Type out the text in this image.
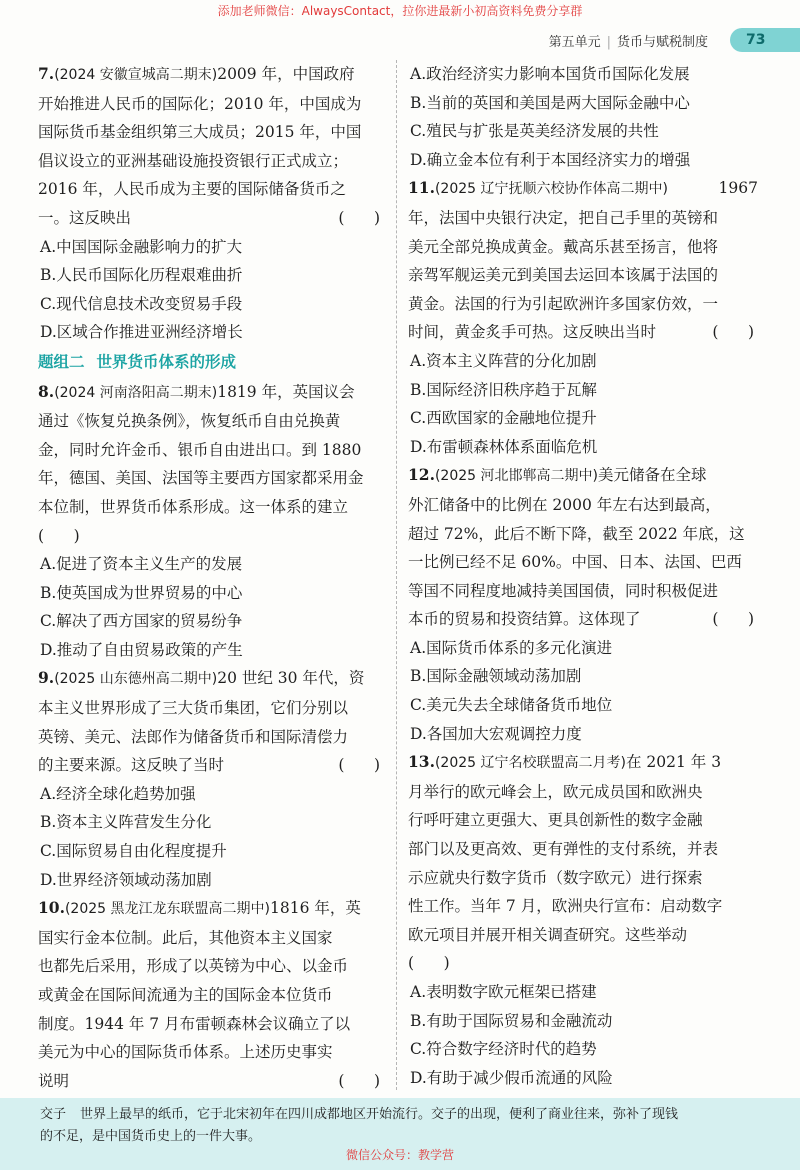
添加老师微信：AlwaysContact，拉你进最新小初高资料免费分享群
第五单元 | 货币与赋税制度	73

7.(2024 安徽宣城高二期末)2009 年，中国政府

开始推进人民币的国际化；2010 年，中国成为

国际货币基金组织第三大成员；2015 年，中国

倡议设立的亚洲基础设施投资银行正式成立；

2016 年，人民币成为主要的国际储备货币之

一。这反映出	(      )

A.中国国际金融影响力的扩大

B.人民币国际化历程艰难曲折

C.现代信息技术改变贸易手段

D.区域合作推进亚洲经济增长

题组二 世界货币体系的形成

8.(2024 河南洛阳高二期末)1819 年，英国议会

通过《恢复兑换条例》，恢复纸币自由兑换黄

金，同时允许金币、银币自由进出口。到 1880

年，德国、美国、法国等主要西方国家都采用金

本位制，世界货币体系形成。这一体系的建立

(      )

A.促进了资本主义生产的发展

B.使英国成为世界贸易的中心

C.解决了西方国家的贸易纷争

D.推动了自由贸易政策的产生

9.(2025 山东德州高二期中)20 世纪 30 年代，资

本主义世界形成了三大货币集团，它们分别以

英镑、美元、法郎作为储备货币和国际清偿力

的主要来源。这反映了当时	(      )

A.经济全球化趋势加强

B.资本主义阵营发生分化

C.国际贸易自由化程度提升

D.世界经济领域动荡加剧

10.(2025 黑龙江龙东联盟高二期中)1816 年，英

国实行金本位制。此后，其他资本主义国家

也都先后采用，形成了以英镑为中心、以金币

或黄金在国际间流通为主的国际金本位货币

制度。1944 年 7 月布雷顿森林会议确立了以

美元为中心的国际货币体系。上述历史事实

说明	(      )

A.政治经济实力影响本国货币国际化发展

B.当前的英国和美国是两大国际金融中心

C.殖民与扩张是英美经济发展的共性

D.确立金本位有利于本国经济实力的增强

11.(2025 辽宁抚顺六校协作体高二期中)	1967

年，法国中央银行决定，把自己手里的英镑和

美元全部兑换成黄金。戴高乐甚至扬言，他将

亲驾军舰运美元到美国去运回本该属于法国的

黄金。法国的行为引起欧洲许多国家仿效，一

时间，黄金炙手可热。这反映出当时	(      )

A.资本主义阵营的分化加剧

B.国际经济旧秩序趋于瓦解

C.西欧国家的金融地位提升

D.布雷顿森林体系面临危机

12.(2025 河北邯郸高二期中)美元储备在全球

外汇储备中的比例在 2000 年左右达到最高，

超过 72%，此后不断下降，截至 2022 年底，这

一比例已经不足 60%。中国、日本、法国、巴西

等国不同程度地减持美国国债，同时积极促进

本币的贸易和投资结算。这体现了	(      )

A.国际货币体系的多元化演进

B.国际金融领域动荡加剧

C.美元失去全球储备货币地位

D.各国加大宏观调控力度

13.(2025 辽宁名校联盟高二月考)在 2021 年 3

月举行的欧元峰会上，欧元成员国和欧洲央

行呼吁建立更强大、更具创新性的数字金融

部门以及更高效、更有弹性的支付系统，并表

示应就央行数字货币（数字欧元）进行探索

性工作。当年 7 月，欧洲央行宣布：启动数字

欧元项目并展开相关调查研究。这些举动

(      )

A.表明数字欧元框架已搭建

B.有助于国际贸易和金融流动

C.符合数字经济时代的趋势

D.有助于减少假币流通的风险

交子 世界上最早的纸币，它于北宋初年在四川成都地区开始流行。交子的出现，便利了商业往来，弥补了现钱
的不足，是中国货币史上的一件大事。
微信公众号：教学营
